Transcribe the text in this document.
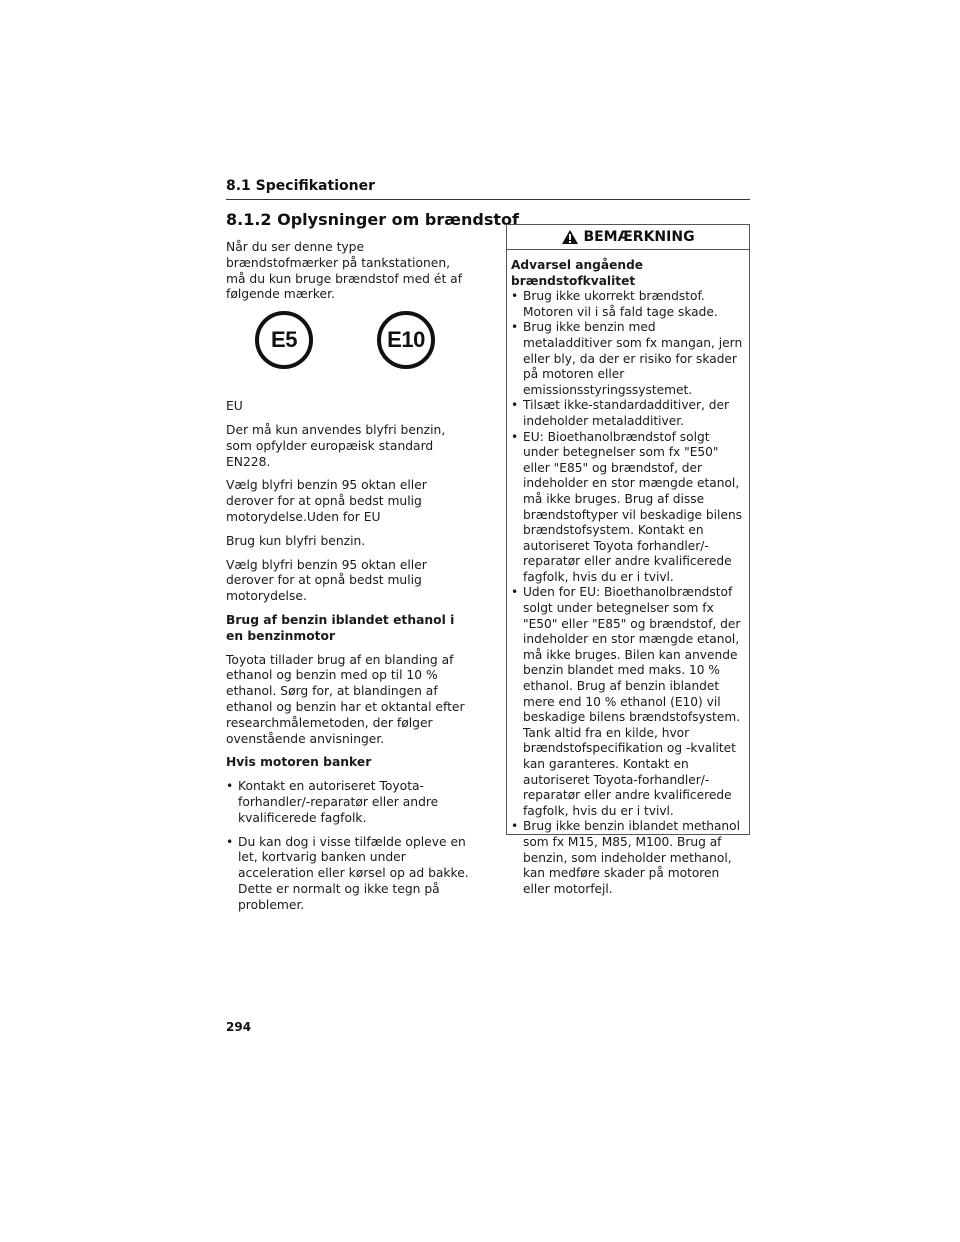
8.1 Specifikationer
8.1.2 Oplysninger om brændstof

Når du ser denne type brændstofmærker på tankstationen, må du kun bruge brændstof med ét af følgende mærker.

E5	E10

EU

Der må kun anvendes blyfri benzin, som opfylder europæisk standard EN228.

Vælg blyfri benzin 95 oktan eller derover for at opnå bedst mulig motorydelse.Uden for EU

Brug kun blyfri benzin.

Vælg blyfri benzin 95 oktan eller derover for at opnå bedst mulig motorydelse.

Brug af benzin iblandet ethanol i en benzinmotor

Toyota tillader brug af en blanding af ethanol og benzin med op til 10 % ethanol. Sørg for, at blandingen af ethanol og benzin har et oktantal efter researchmålemetoden, der følger ovenstående anvisninger.

Hvis motoren banker

• Kontakt en autoriseret Toyota-forhandler/-reparatør eller andre kvalificerede fagfolk.
• Du kan dog i visse tilfælde opleve en let, kortvarig banken under acceleration eller kørsel op ad bakke. Dette er normalt og ikke tegn på problemer.
BEMÆRKNING

Advarsel angående brændstofkvalitet

• Brug ikke ukorrekt brændstof. Motoren vil i så fald tage skade.
• Brug ikke benzin med metaladditiver som fx mangan, jern eller bly, da der er risiko for skader på motoren eller emissionsstyringssystemet.
• Tilsæt ikke-standardadditiver, der indeholder metaladditiver.
• EU: Bioethanolbrændstof solgt under betegnelser som fx "E50" eller "E85" og brændstof, der indeholder en stor mængde etanol, må ikke bruges. Brug af disse brændstoftyper vil beskadige bilens brændstofsystem. Kontakt en autoriseret Toyota forhandler/-reparatør eller andre kvalificerede fagfolk, hvis du er i tvivl.
• Uden for EU: Bioethanolbrændstof solgt under betegnelser som fx "E50" eller "E85" og brændstof, der indeholder en stor mængde etanol, må ikke bruges. Bilen kan anvende benzin blandet med maks. 10 % ethanol. Brug af benzin iblandet mere end 10 % ethanol (E10) vil beskadige bilens brændstofsystem. Tank altid fra en kilde, hvor brændstofspecifikation og -kvalitet kan garanteres. Kontakt en autoriseret Toyota-forhandler/-reparatør eller andre kvalificerede fagfolk, hvis du er i tvivl.
• Brug ikke benzin iblandet methanol som fx M15, M85, M100. Brug af benzin, som indeholder methanol, kan medføre skader på motoren eller motorfejl.
294
